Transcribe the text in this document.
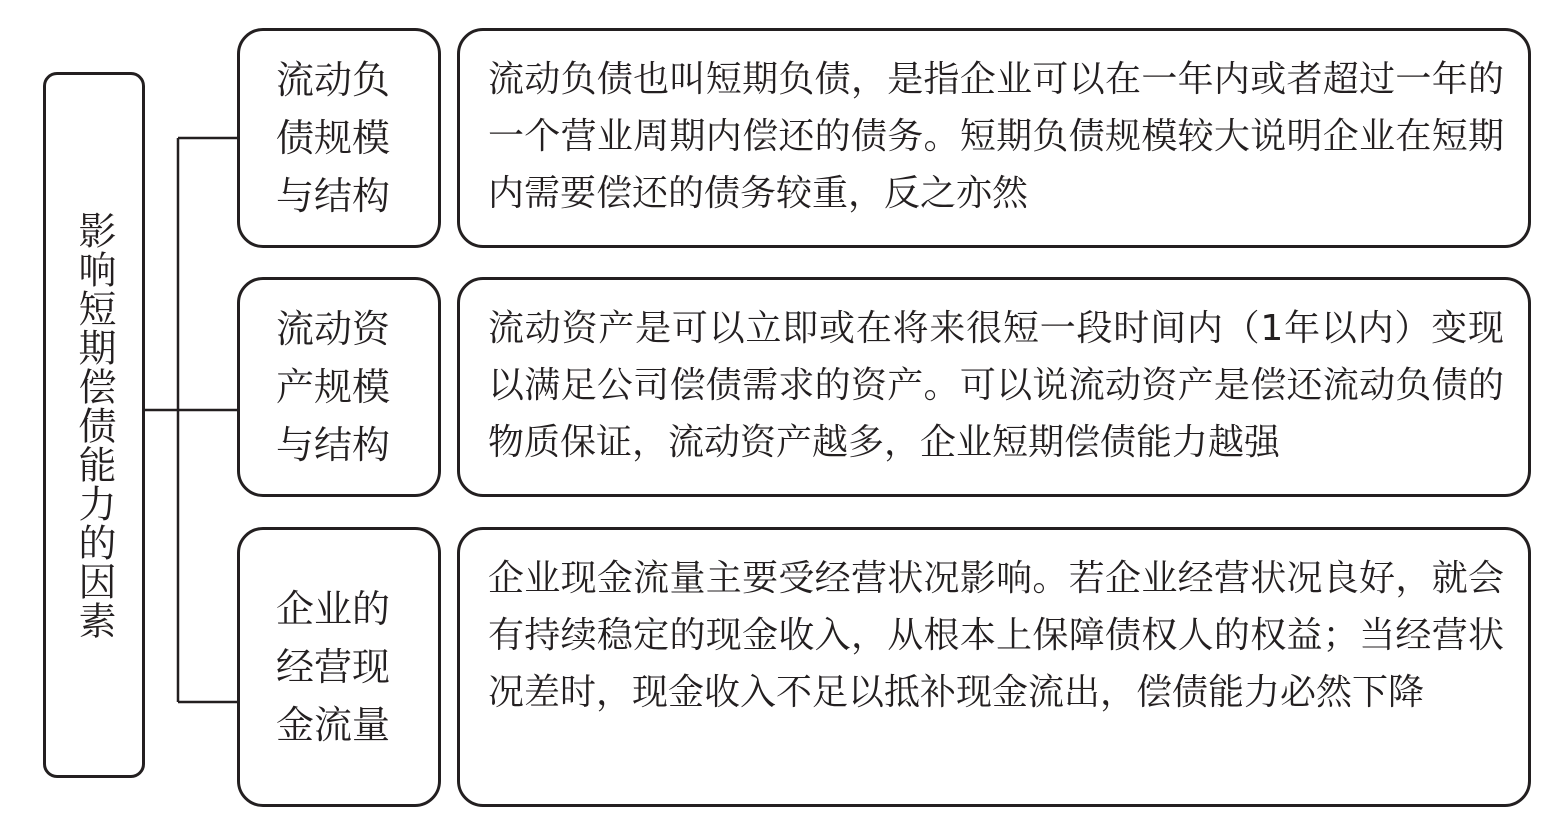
影响短期偿债能力的因素
流动负债规模与结构
流动负债也叫短期负债，是指企业可以在一年内或者超过一年的一个营业周期内偿还的债务。短期负债规模较大说明企业在短期内需要偿还的债务较重，反之亦然
流动资产规模与结构
流动资产是可以立即或在将来很短一段时间内（1年以内）变现以满足公司偿债需求的资产。可以说流动资产是偿还流动负债的物质保证，流动资产越多，企业短期偿债能力越强
企业的经营现金流量
企业现金流量主要受经营状况影响。若企业经营状况良好，就会有持续稳定的现金收入，从根本上保障债权人的权益；当经营状况差时，现金收入不足以抵补现金流出，偿债能力必然下降
